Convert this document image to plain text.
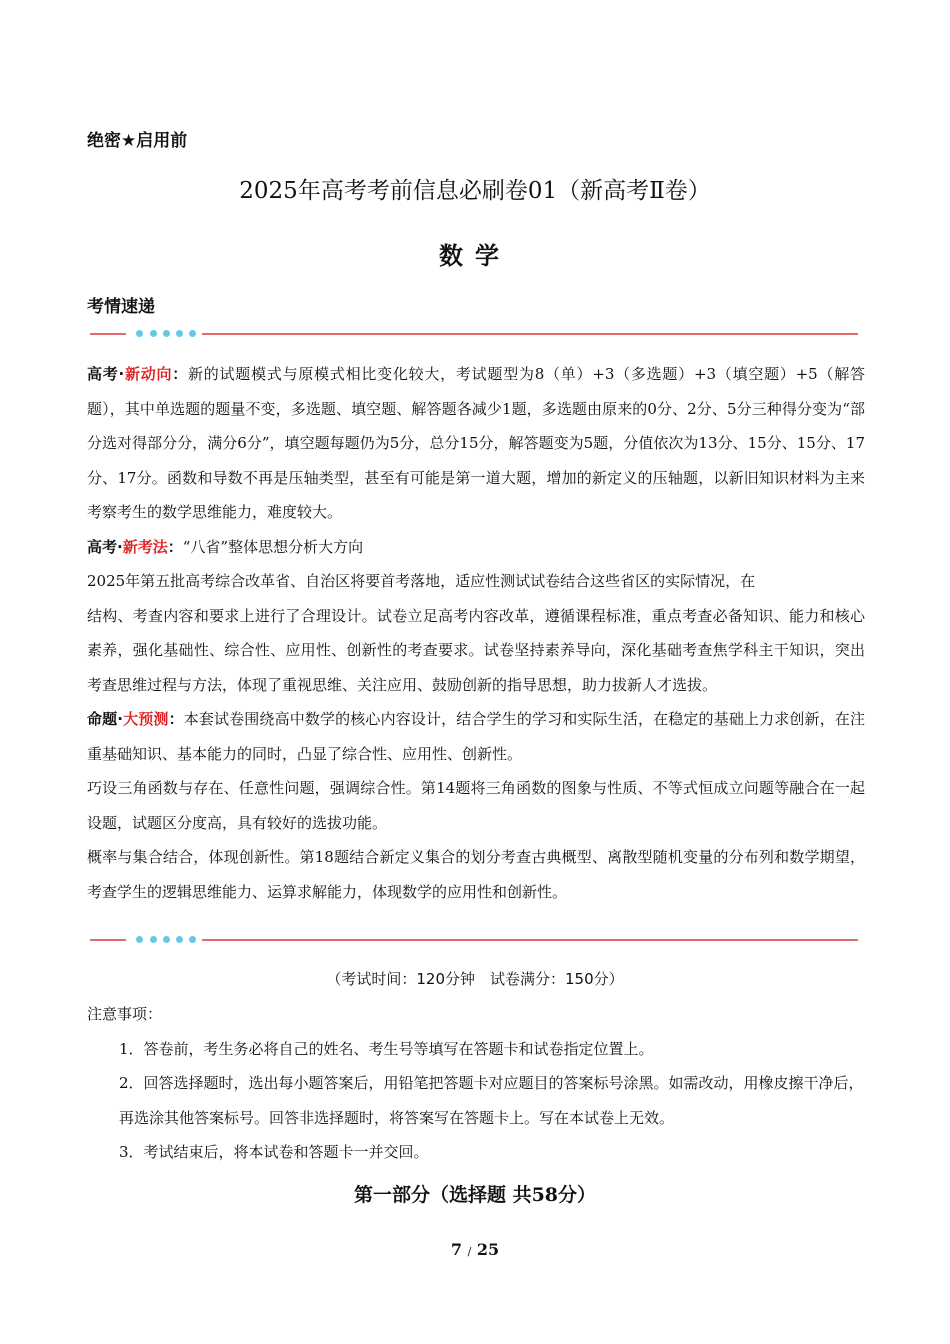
绝密★启用前
2025年高考考前信息必刷卷01（新高考Ⅱ卷）
数学
考情速递

高考·新动向：新的试题模式与原模式相比变化较大，考试题型为8（单）+3（多选题）+3（填空题）+5（解答题），其中单选题的题量不变，多选题、填空题、解答题各减少1题，多选题由原来的0分、2分、5分三种得分变为“部分选对得部分分，满分6分”，填空题每题仍为5分，总分15分，解答题变为5题，分值依次为13分、15分、15分、17分、17分。函数和导数不再是压轴类型，甚至有可能是第一道大题，增加的新定义的压轴题，以新旧知识材料为主来考察考生的数学思维能力，难度较大。

高考·新考法：“八省”整体思想分析大方向

2025年第五批高考综合改革省、自治区将要首考落地，适应性测试试卷结合这些省区的实际情况，在

结构、考查内容和要求上进行了合理设计。试卷立足高考内容改革，遵循课程标准，重点考查必备知识、能力和核心素养，强化基础性、综合性、应用性、创新性的考查要求。试卷坚持素养导向，深化基础考查焦学科主干知识，突出考查思维过程与方法，体现了重视思维、关注应用、鼓励创新的指导思想，助力拔新人才选拔。

命题·大预测：本套试卷围绕高中数学的核心内容设计，结合学生的学习和实际生活，在稳定的基础上力求创新，在注重基础知识、基本能力的同时，凸显了综合性、应用性、创新性。

巧设三角函数与存在、任意性问题，强调综合性。第14题将三角函数的图象与性质、不等式恒成立问题等融合在一起设题，试题区分度高，具有较好的选拔功能。

概率与集合结合，体现创新性。第18题结合新定义集合的划分考查古典概型、离散型随机变量的分布列和数学期望，考查学生的逻辑思维能力、运算求解能力，体现数学的应用性和创新性。

（考试时间：120分钟　试卷满分：150分）
注意事项：
1．答卷前，考生务必将自己的姓名、考生号等填写在答题卡和试卷指定位置上。
2．回答选择题时，选出每小题答案后，用铅笔把答题卡对应题目的答案标号涂黑。如需改动，用橡皮擦干净后，再选涂其他答案标号。回答非选择题时，将答案写在答题卡上。写在本试卷上无效。
3．考试结束后，将本试卷和答题卡一并交回。
第一部分（选择题 共58分）
7 / 25
